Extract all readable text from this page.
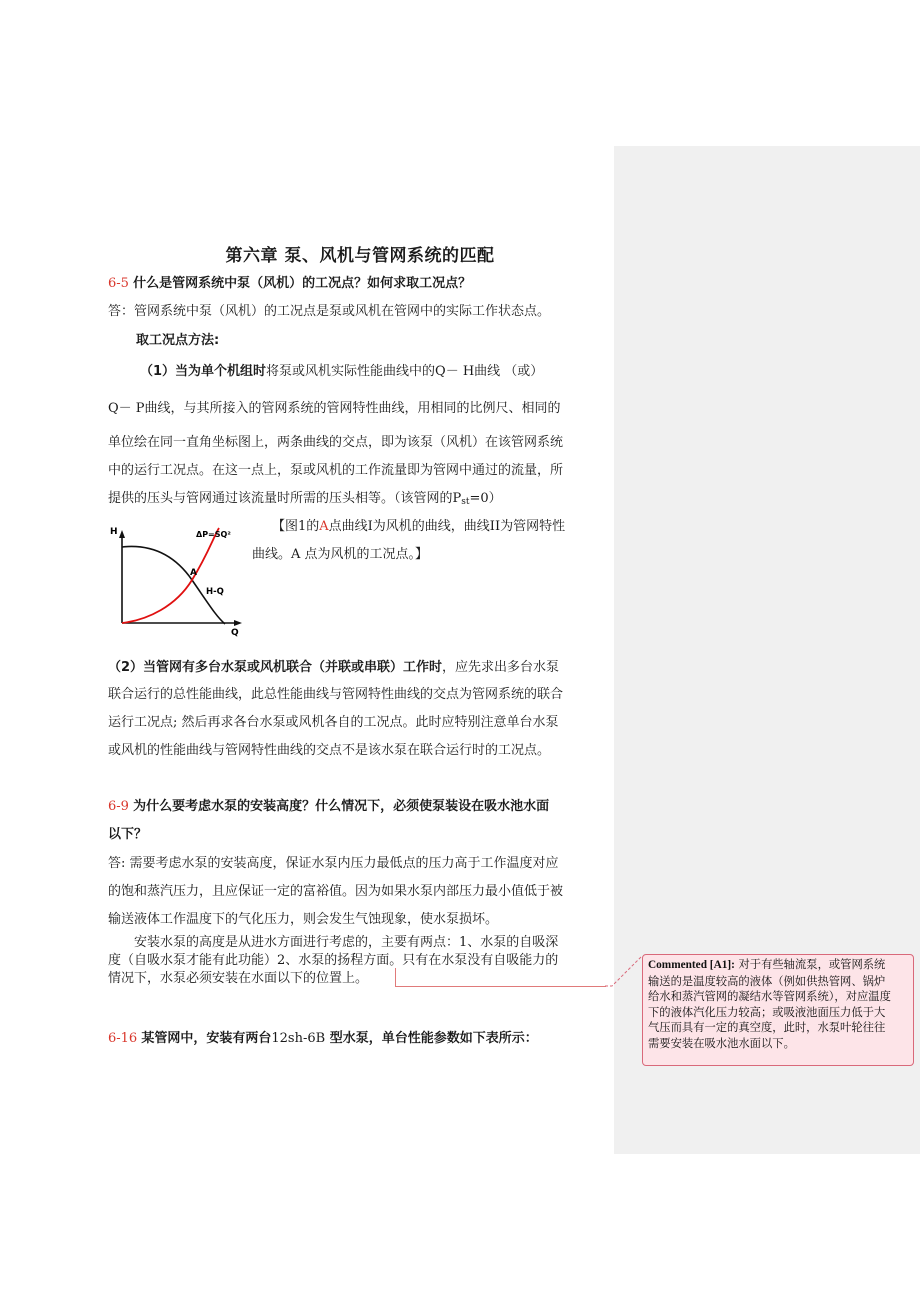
第六章 泵、风机与管网系统的匹配
6-5 什么是管网系统中泵（风机）的工况点？如何求取工况点？
答：管网系统中泵（风机）的工况点是泵或风机在管网中的实际工作状态点。
取工况点方法:
（1）当为单个机组时将泵或风机实际性能曲线中的Q－ H曲线 （或）
Q－ P曲线，与其所接入的管网系统的管网特性曲线，用相同的比例尺、相同的
单位绘在同一直角坐标图上，两条曲线的交点，即为该泵（风机）在该管网系统
中的运行工况点。在这一点上，泵或风机的工作流量即为管网中通过的流量，所
提供的压头与管网通过该流量时所需的压头相等。（该管网的$P_{st}=0$）
H
Q
ΔP=SQ²
A
H-Q
【图1的A点曲线I为风机的曲线，曲线II为管网特性
曲线。A 点为风机的工况点。】
（2）当管网有多台水泵或风机联合（并联或串联）工作时，应先求出多台水泵
联合运行的总性能曲线，此总性能曲线与管网特性曲线的交点为管网系统的联合
运行工况点; 然后再求各台水泵或风机各自的工况点。此时应特别注意单台水泵
或风机的性能曲线与管网特性曲线的交点不是该水泵在联合运行时的工况点。
6-9 为什么要考虑水泵的安装高度？什么情况下，必须使泵装设在吸水池水面
以下？
答: 需要考虑水泵的安装高度，保证水泵内压力最低点的压力高于工作温度对应
的饱和蒸汽压力，且应保证一定的富裕值。因为如果水泵内部压力最小值低于被
输送液体工作温度下的气化压力，则会发生气蚀现象，使水泵损坏。
　　安装水泵的高度是从进水方面进行考虑的，主要有两点：1、水泵的自吸深
度（自吸水泵才能有此功能）2、水泵的扬程方面。只有在水泵没有自吸能力的
情况下，水泵必须安装在水面以下的位置上。
6-16 某管网中，安装有两台12sh-6B 型水泵，单台性能参数如下表所示：
Commented [A1]: 对于有些轴流泵，或管网系统
输送的是温度较高的液体（例如供热管网、锅炉
给水和蒸汽管网的凝结水等管网系统），对应温度
下的液体汽化压力较高；或吸液池面压力低于大
气压而具有一定的真空度，此时，水泵叶轮往往
需要安装在吸水池水面以下。
